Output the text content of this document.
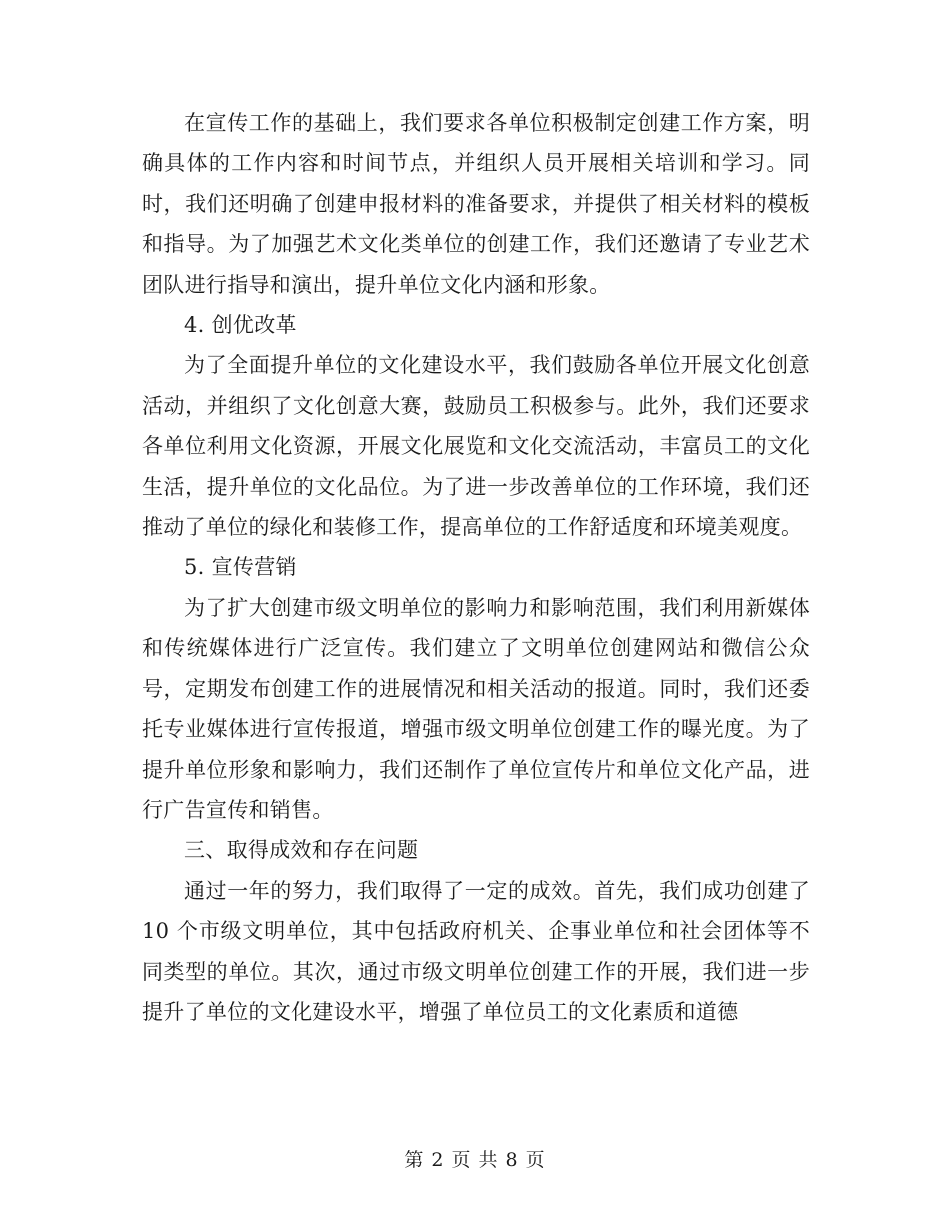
在宣传工作的基础上，我们要求各单位积极制定创建工作方案，明确具体的工作内容和时间节点，并组织人员开展相关培训和学习。同时，我们还明确了创建申报材料的准备要求，并提供了相关材料的模板和指导。为了加强艺术文化类单位的创建工作，我们还邀请了专业艺术团队进行指导和演出，提升单位文化内涵和形象。

4. 创优改革

为了全面提升单位的文化建设水平，我们鼓励各单位开展文化创意活动，并组织了文化创意大赛，鼓励员工积极参与。此外，我们还要求各单位利用文化资源，开展文化展览和文化交流活动，丰富员工的文化生活，提升单位的文化品位。为了进一步改善单位的工作环境，我们还推动了单位的绿化和装修工作，提高单位的工作舒适度和环境美观度。

5. 宣传营销

为了扩大创建市级文明单位的影响力和影响范围，我们利用新媒体和传统媒体进行广泛宣传。我们建立了文明单位创建网站和微信公众号，定期发布创建工作的进展情况和相关活动的报道。同时，我们还委托专业媒体进行宣传报道，增强市级文明单位创建工作的曝光度。为了提升单位形象和影响力，我们还制作了单位宣传片和单位文化产品，进行广告宣传和销售。

三、取得成效和存在问题

通过一年的努力，我们取得了一定的成效。首先，我们成功创建了 10 个市级文明单位，其中包括政府机关、企事业单位和社会团体等不同类型的单位。其次，通过市级文明单位创建工作的开展，我们进一步提升了单位的文化建设水平，增强了单位员工的文化素质和道德

第 2 页 共 8 页
